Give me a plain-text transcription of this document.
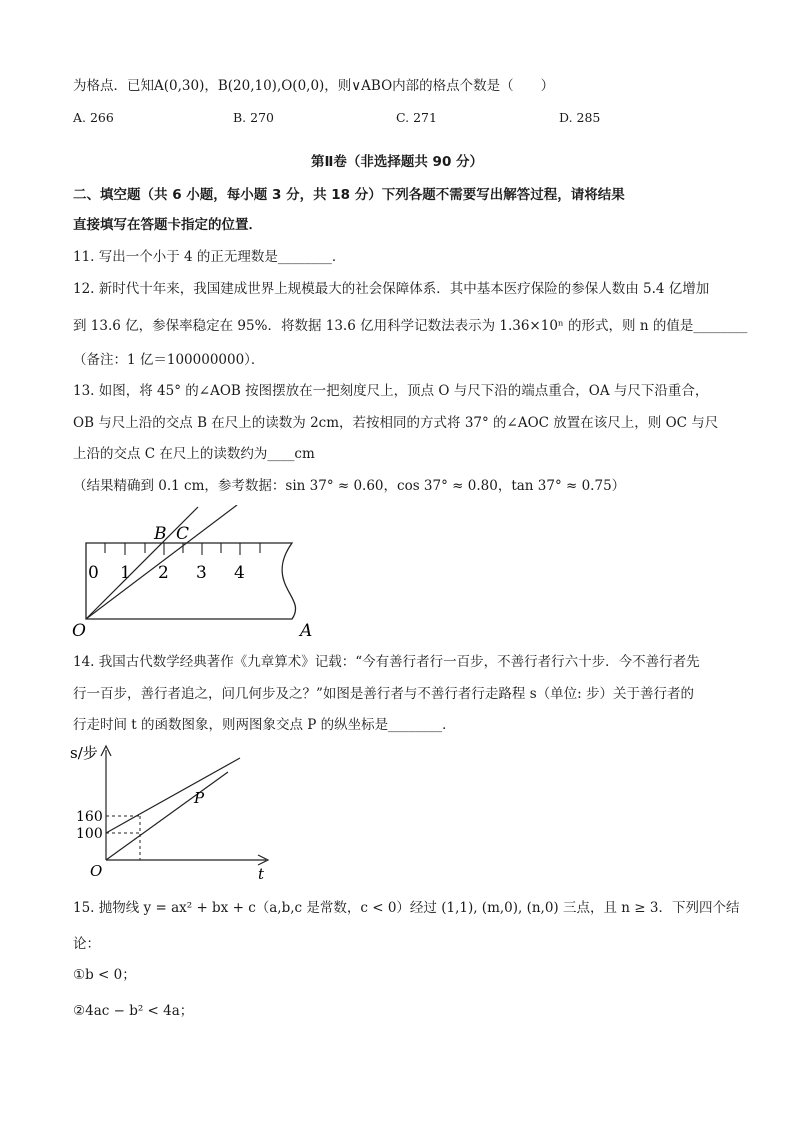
为格点．已知A(0,30)，B(20,10),O(0,0)，则∨ABO内部的格点个数是（　　）
A. 266	B. 270	C. 271	D. 285
第Ⅱ卷（非选择题共 90 分）
二、填空题（共 6 小题，每小题 3 分，共 18 分）下列各题不需要写出解答过程，请将结果
直接填写在答题卡指定的位置．
11. 写出一个小于 4 的正无理数是________．
12. 新时代十年来，我国建成世界上规模最大的社会保障体系．其中基本医疗保险的参保人数由 5.4 亿增加
到 13.6 亿，参保率稳定在 95%．将数据 13.6 亿用科学记数法表示为 1.36×10ⁿ 的形式，则 n 的值是________
（备注：1 亿＝100000000）．
13. 如图，将 45° 的∠AOB 按图摆放在一把刻度尺上，顶点 O 与尺下沿的端点重合，OA 与尺下沿重合，
OB 与尺上沿的交点 B 在尺上的读数为 2cm，若按相同的方式将 37° 的∠AOC 放置在该尺上，则 OC 与尺
上沿的交点 C 在尺上的读数约为____cm
（结果精确到 0.1 cm，参考数据：sin 37° ≈ 0.60，cos 37° ≈ 0.80，tan 37° ≈ 0.75）
0 1 2 3 4
B C
O	A
14. 我国古代数学经典著作《九章算术》记载：“今有善行者行一百步，不善行者行六十步．今不善行者先
行一百步，善行者追之，问几何步及之？”如图是善行者与不善行者行走路程 s（单位: 步）关于善行者的
行走时间 t 的函数图象，则两图象交点 P 的纵坐标是________．
s/步
t
O
P
160
100
15. 抛物线 y = ax² + bx + c（a,b,c 是常数，c < 0）经过 (1,1), (m,0), (n,0) 三点，且 n ≥ 3．下列四个结
论：
①b < 0；
②4ac − b² < 4a；
